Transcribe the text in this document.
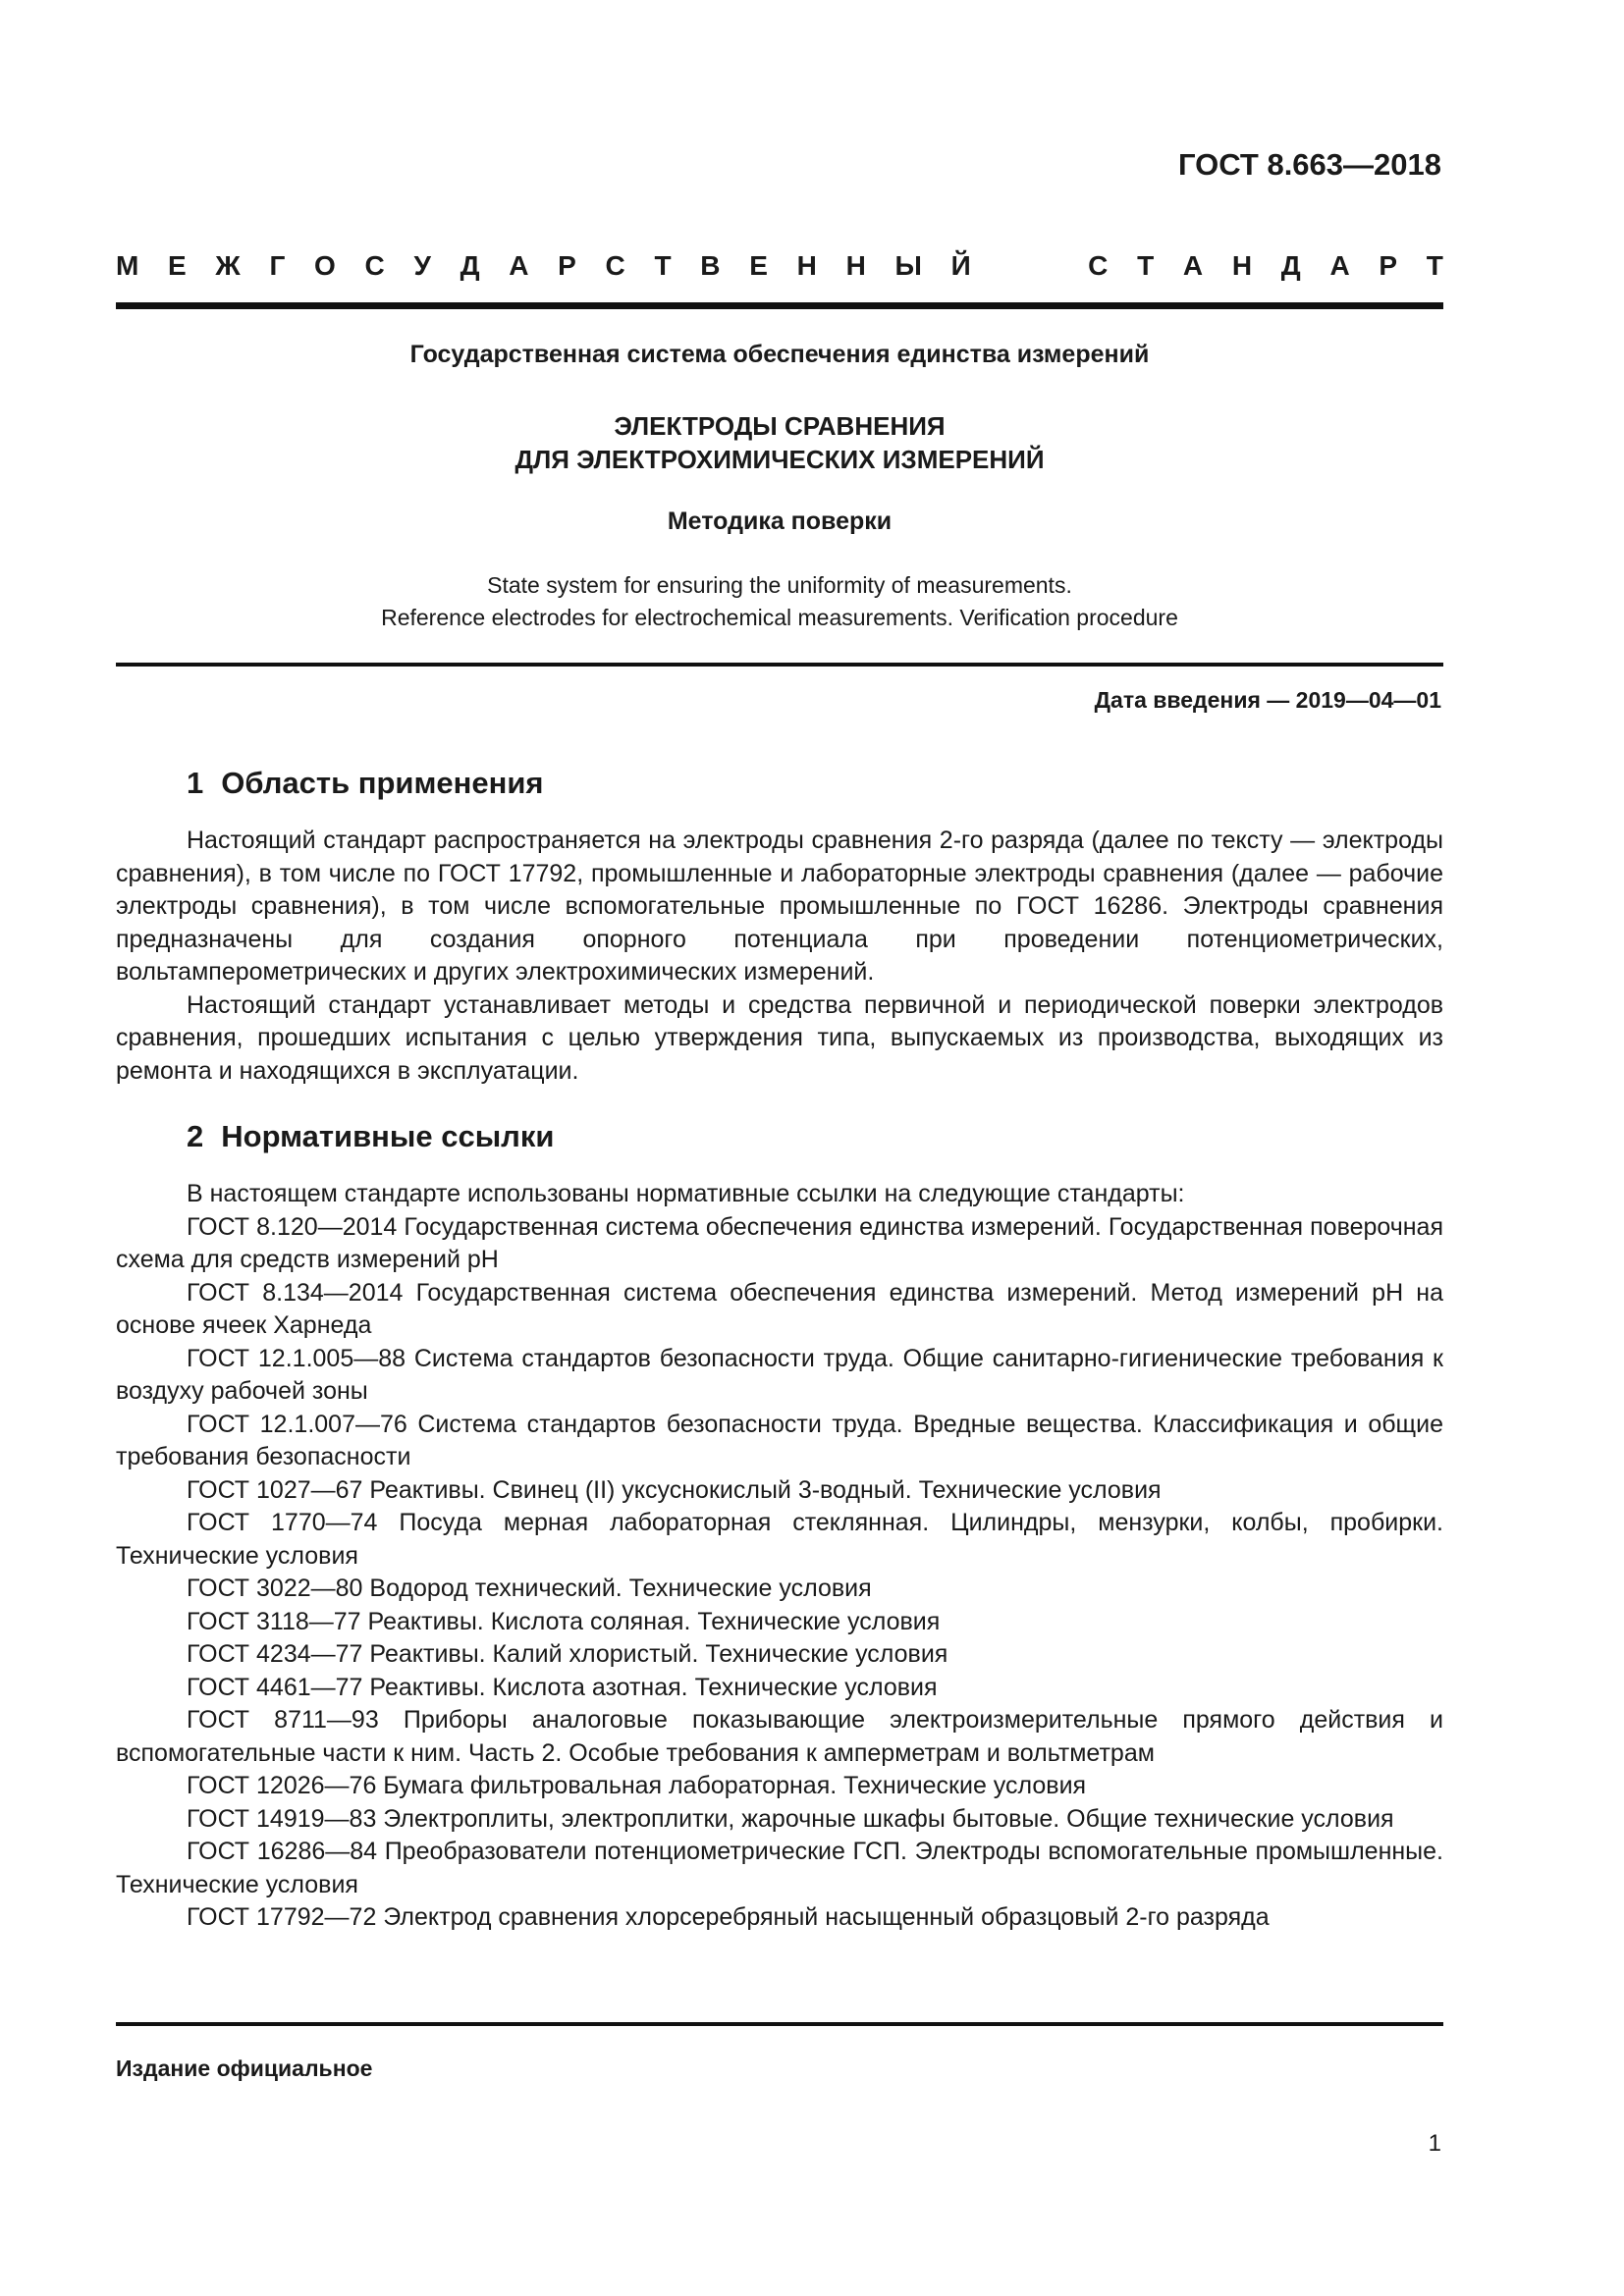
ГОСТ 8.663—2018
М Е Ж Г О С У Д А Р С Т В Е Н Н Ы Й	С Т А Н Д А Р Т
Государственная система обеспечения единства измерений
ЭЛЕКТРОДЫ СРАВНЕНИЯ
ДЛЯ ЭЛЕКТРОХИМИЧЕСКИХ ИЗМЕРЕНИЙ
Методика поверки
State system for ensuring the uniformity of measurements.
Reference electrodes for electrochemical measurements. Verification procedure
Дата введения — 2019—04—01
1 Область применения

Настоящий стандарт распространяется на электроды сравнения 2-го разряда (далее по тексту — электроды сравнения), в том числе по ГОСТ 17792, промышленные и лабораторные электроды сравнения (далее — рабочие электроды сравнения), в том числе вспомогательные промышленные по ГОСТ 16286. Электроды сравнения предназначены для создания опорного потенциала при проведении потенциометрических, вольтамперометрических и других электрохимических измерений.

Настоящий стандарт устанавливает методы и средства первичной и периодической поверки электродов сравнения, прошедших испытания с целью утверждения типа, выпускаемых из производства, выходящих из ремонта и находящихся в эксплуатации.

2 Нормативные ссылки

В настоящем стандарте использованы нормативные ссылки на следующие стандарты:

ГОСТ 8.120—2014 Государственная система обеспечения единства измерений. Государственная поверочная схема для средств измерений pH

ГОСТ 8.134—2014 Государственная система обеспечения единства измерений. Метод измерений pH на основе ячеек Харнеда

ГОСТ 12.1.005—88 Система стандартов безопасности труда. Общие санитарно-гигиенические требования к воздуху рабочей зоны

ГОСТ 12.1.007—76 Система стандартов безопасности труда. Вредные вещества. Классификация и общие требования безопасности

ГОСТ 1027—67 Реактивы. Свинец (II) уксуснокислый 3-водный. Технические условия

ГОСТ 1770—74 Посуда мерная лабораторная стеклянная. Цилиндры, мензурки, колбы, пробирки. Технические условия

ГОСТ 3022—80 Водород технический. Технические условия

ГОСТ 3118—77 Реактивы. Кислота соляная. Технические условия

ГОСТ 4234—77 Реактивы. Калий хлористый. Технические условия

ГОСТ 4461—77 Реактивы. Кислота азотная. Технические условия

ГОСТ 8711—93 Приборы аналоговые показывающие электроизмерительные прямого действия и вспомогательные части к ним. Часть 2. Особые требования к амперметрам и вольтметрам

ГОСТ 12026—76 Бумага фильтровальная лабораторная. Технические условия

ГОСТ 14919—83 Электроплиты, электроплитки, жарочные шкафы бытовые. Общие технические условия

ГОСТ 16286—84 Преобразователи потенциометрические ГСП. Электроды вспомогательные промышленные. Технические условия

ГОСТ 17792—72 Электрод сравнения хлорсеребряный насыщенный образцовый 2-го разряда

Издание официальное
1
